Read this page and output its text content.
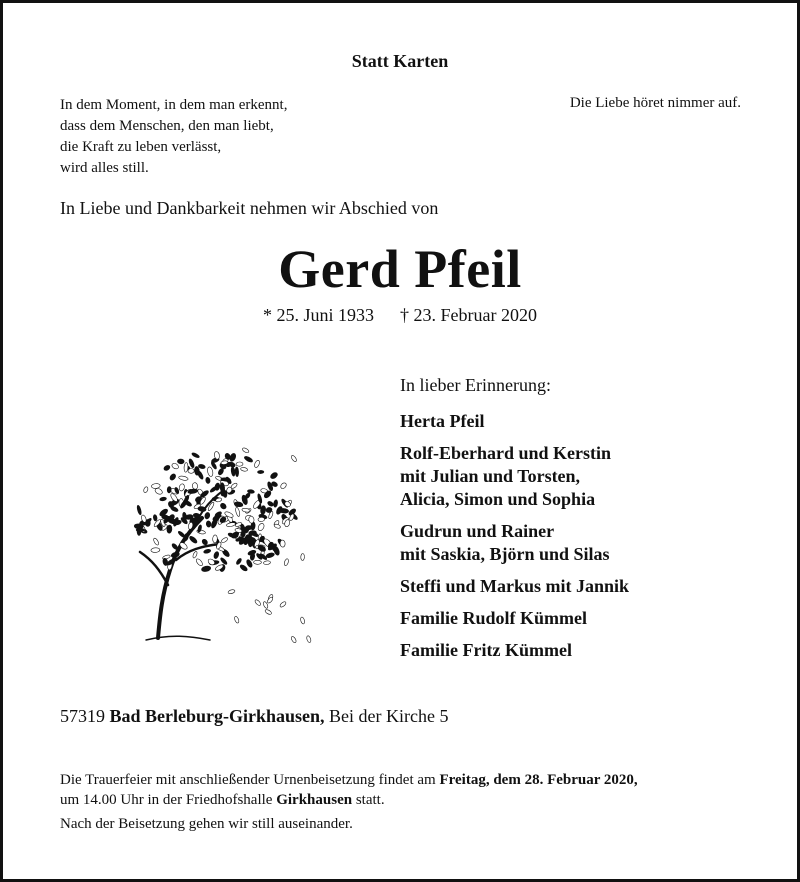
Statt Karten
In dem Moment, in dem man erkennt,
dass dem Menschen, den man liebt,
die Kraft zu leben verlässt,
wird alles still.
Die Liebe höret nimmer auf.
In Liebe und Dankbarkeit nehmen wir Abschied von
Gerd Pfeil
* 25. Juni 1933 † 23. Februar 2020
In lieber Erinnerung:
Herta Pfeil
Rolf-Eberhard und Kerstin
mit Julian und Torsten,
Alicia, Simon und Sophia
Gudrun und Rainer
mit Saskia, Björn und Silas
Steffi und Markus mit Jannik
Familie Rudolf Kümmel
Familie Fritz Kümmel
57319 Bad Berleburg-Girkhausen, Bei der Kirche 5
Die Trauerfeier mit anschließender Urnenbeisetzung findet am Freitag, dem 28. Februar 2020,
um 14.00 Uhr in der Friedhofshalle Girkhausen statt.
Nach der Beisetzung gehen wir still auseinander.
